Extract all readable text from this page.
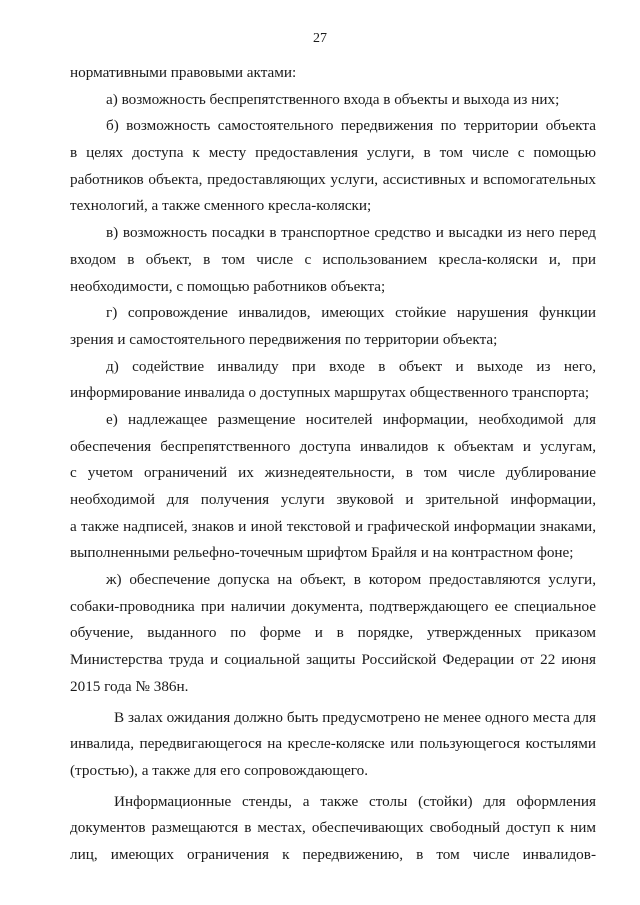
27
нормативными правовыми актами:
а) возможность беспрепятственного входа в объекты и выхода из них;
б) возможность самостоятельного передвижения по территории объекта
в целях доступа к месту предоставления услуги, в том числе с помощью
работников объекта, предоставляющих услуги, ассистивных и вспомогательных
технологий, а также сменного кресла-коляски;
в) возможность посадки в транспортное средство и высадки из него перед
входом в объект, в том числе с использованием кресла-коляски и, при
необходимости, с помощью работников объекта;
г) сопровождение инвалидов, имеющих стойкие нарушения функции
зрения и самостоятельного передвижения по территории объекта;
д) содействие инвалиду при входе в объект и выходе из него,
информирование инвалида о доступных маршрутах общественного транспорта;
е) надлежащее размещение носителей информации, необходимой для
обеспечения беспрепятственного доступа инвалидов к объектам и услугам,
с учетом ограничений их жизнедеятельности, в том числе дублирование
необходимой для получения услуги звуковой и зрительной информации,
а также надписей, знаков и иной текстовой и графической информации знаками,
выполненными рельефно-точечным шрифтом Брайля и на контрастном фоне;
ж) обеспечение допуска на объект, в котором предоставляются услуги,
собаки-проводника при наличии документа, подтверждающего ее специальное
обучение, выданного по форме и в порядке, утвержденных приказом
Министерства труда и социальной защиты Российской Федерации от 22 июня
2015 года № 386н.
В залах ожидания должно быть предусмотрено не менее одного места для
инвалида, передвигающегося на кресле-коляске или пользующегося костылями
(тростью), а также для его сопровождающего.
Информационные стенды, а также столы (стойки) для оформления
документов размещаются в местах, обеспечивающих свободный доступ к ним
лиц, имеющих ограничения к передвижению, в том числе инвалидов-
